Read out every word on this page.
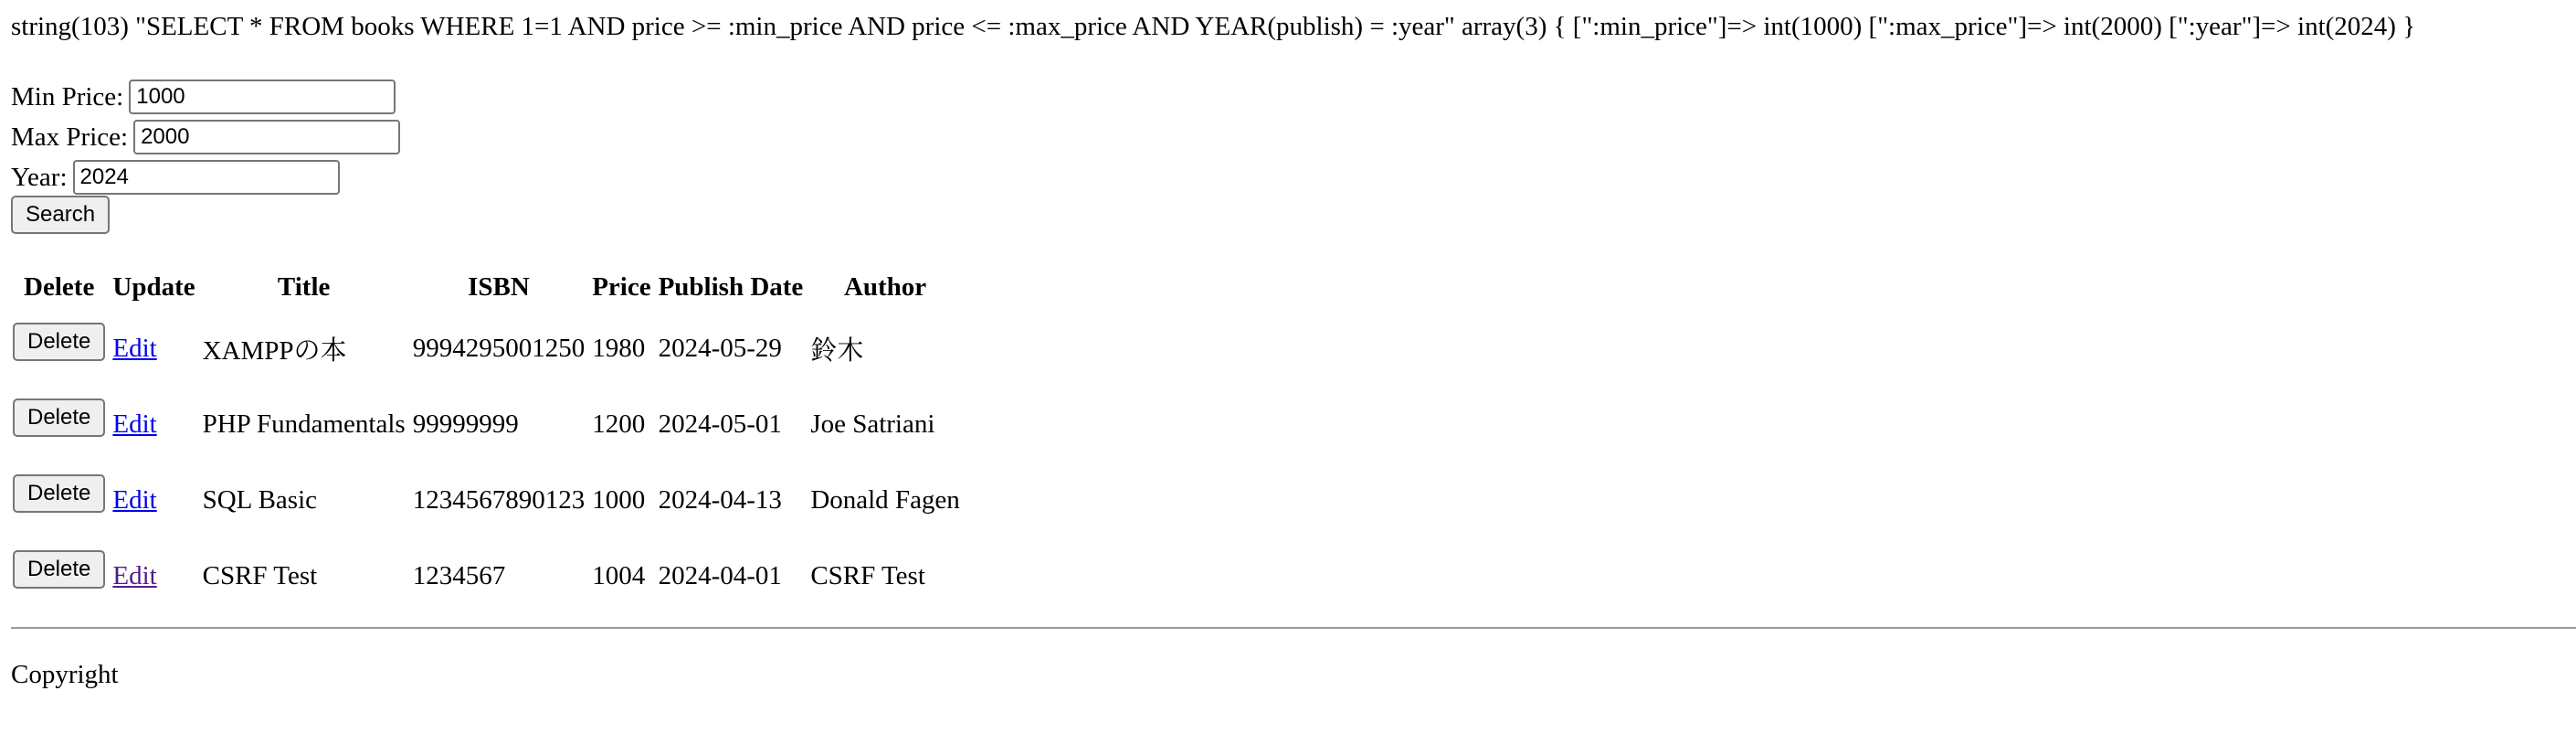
string(103) "SELECT * FROM books WHERE 1=1 AND price >= :min_price AND price <= :max_price AND YEAR(publish) = :year" array(3) { [":min_price"]=> int(1000) [":max_price"]=> int(2000) [":year"]=> int(2024) }
Min Price:
1000
Max Price:
2000
Year:
2024
Search
Delete	Update	Title	ISBN	Price	Publish Date	Author
Delete	Edit	XAMPPの本	9994295001250	1980	2024-05-29	鈴木
Delete	Edit	PHP Fundamentals	99999999	1200	2024-05-01	Joe Satriani
Delete	Edit	SQL Basic	1234567890123	1000	2024-04-13	Donald Fagen
Delete	Edit	CSRF Test	1234567	1004	2024-04-01	CSRF Test
Copyright
